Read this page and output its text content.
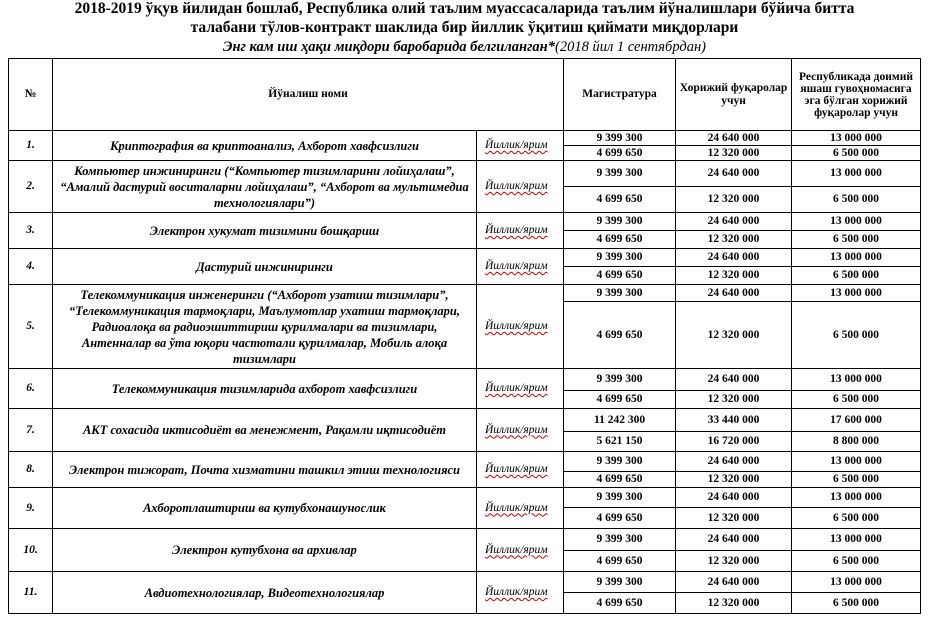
2018-2019 ўқув йилидан бошлаб, Республика олий таълим муассасаларида таълим йўналишлари бўйича битта
талабани тўлов-контракт шаклида бир йиллик ўқитиш қиймати миқдорлари
Энг кам иш ҳақи миқдори баробарида белгиланган*(2018 йил 1 сентябрдан)
№	Йўналиш номи		Магистратура	Хорижий фуқаролар учун	Республикада доимий яшаш гувоҳномасига эга бўлган хорижий фуқаролар учун
1.	Криптография ва криптоанализ, Ахборот хавфсизлиги	Йиллик/ярим	9 399 300	24 640 000	13 000 000
			4 699 650	12 320 000	6 500 000
2.	Компьютер инжиниринги (“Компьютер тизимларини лойиҳалаш”, “Амалий дастурий воситаларни лойиҳалаш”, “Ахборот ва мультимедиа технологиялари”)	Йиллик/ярим	9 399 300	24 640 000	13 000 000
			4 699 650	12 320 000	6 500 000
3.	Электрон хукумат тизимини бошқариш	Йиллик/ярим	9 399 300	24 640 000	13 000 000
			4 699 650	12 320 000	6 500 000
4.	Дастурий инжиниринги	Йиллик/ярим	9 399 300	24 640 000	13 000 000
			4 699 650	12 320 000	6 500 000
5.	Телекоммуникация инженеринги (“Ахборот узатиш тизимлари”, “Телекоммуникация тармоқлари, Маълумотлар ухатиш тармоқлари, Радиоалоқа ва радиоэшиттириш қурилмалари ва тизимлари, Антенналар ва ўта юқори частотали қурилмалар, Мобиль алоқа тизимлари	Йиллик/ярим	9 399 300	24 640 000	13 000 000
			4 699 650	12 320 000	6 500 000
6.	Телекоммуникация тизимларида ахборот хавфсизлиги	Йиллик/ярим	9 399 300	24 640 000	13 000 000
			4 699 650	12 320 000	6 500 000
7.	АКТ сохасида иктисодиёт ва менежмент, Рақамли иқтисодиёт	Йиллик/ярим	11 242 300	33 440 000	17 600 000
			5 621 150	16 720 000	8 800 000
8.	Электрон тижорат, Почта хизматини ташкил этиш технологияси	Йиллик/ярим	9 399 300	24 640 000	13 000 000
			4 699 650	12 320 000	6 500 000
9.	Ахборотлаштириш ва кутубхонашунослик	Йиллик/ярим	9 399 300	24 640 000	13 000 000
			4 699 650	12 320 000	6 500 000
10.	Электрон кутубхона ва архивлар	Йиллик/ярим	9 399 300	24 640 000	13 000 000
			4 699 650	12 320 000	6 500 000
11.	Авдиотехнологиялар, Видеотехнологиялар	Йиллик/ярим	9 399 300	24 640 000	13 000 000
			4 699 650	12 320 000	6 500 000
